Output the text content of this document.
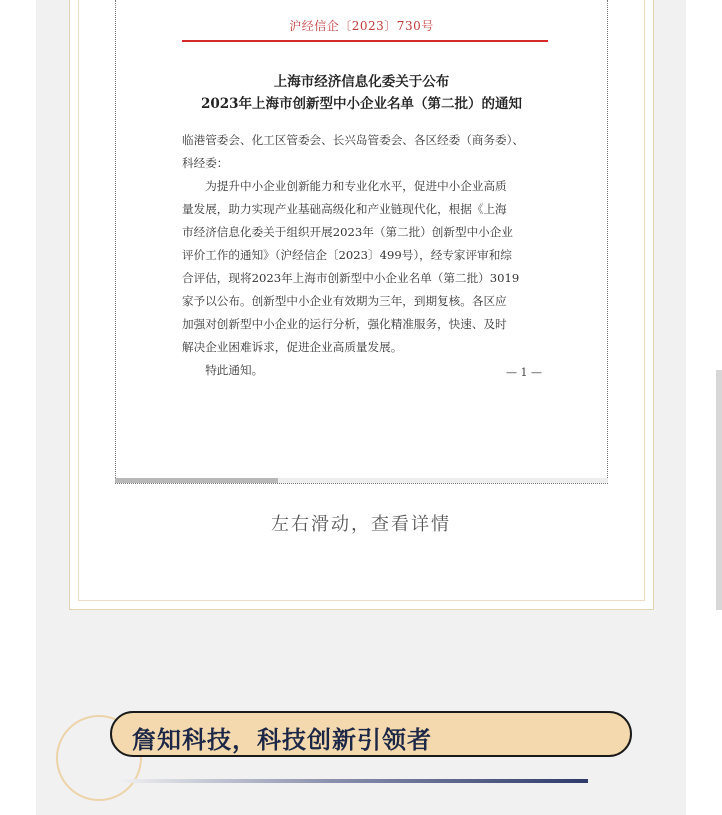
沪经信企〔2023〕730号
上海市经济信息化委关于公布
2023年上海市创新型中小企业名单（第二批）的通知
临港管委会、化工区管委会、长兴岛管委会、各区经委（商务委）、
科经委：
　　为提升中小企业创新能力和专业化水平，促进中小企业高质
量发展，助力实现产业基础高级化和产业链现代化，根据《上海
市经济信息化委关于组织开展2023年（第二批）创新型中小企业
评价工作的通知》（沪经信企〔2023〕499号），经专家评审和综
合评估，现将2023年上海市创新型中小企业名单（第二批）3019
家予以公布。创新型中小企业有效期为三年，到期复核。各区应
加强对创新型中小企业的运行分析，强化精准服务，快速、及时
解决企业困难诉求，促进企业高质量发展。
　　特此通知。	— 1 —
左右滑动，查看详情
詹知科技，科技创新引领者
